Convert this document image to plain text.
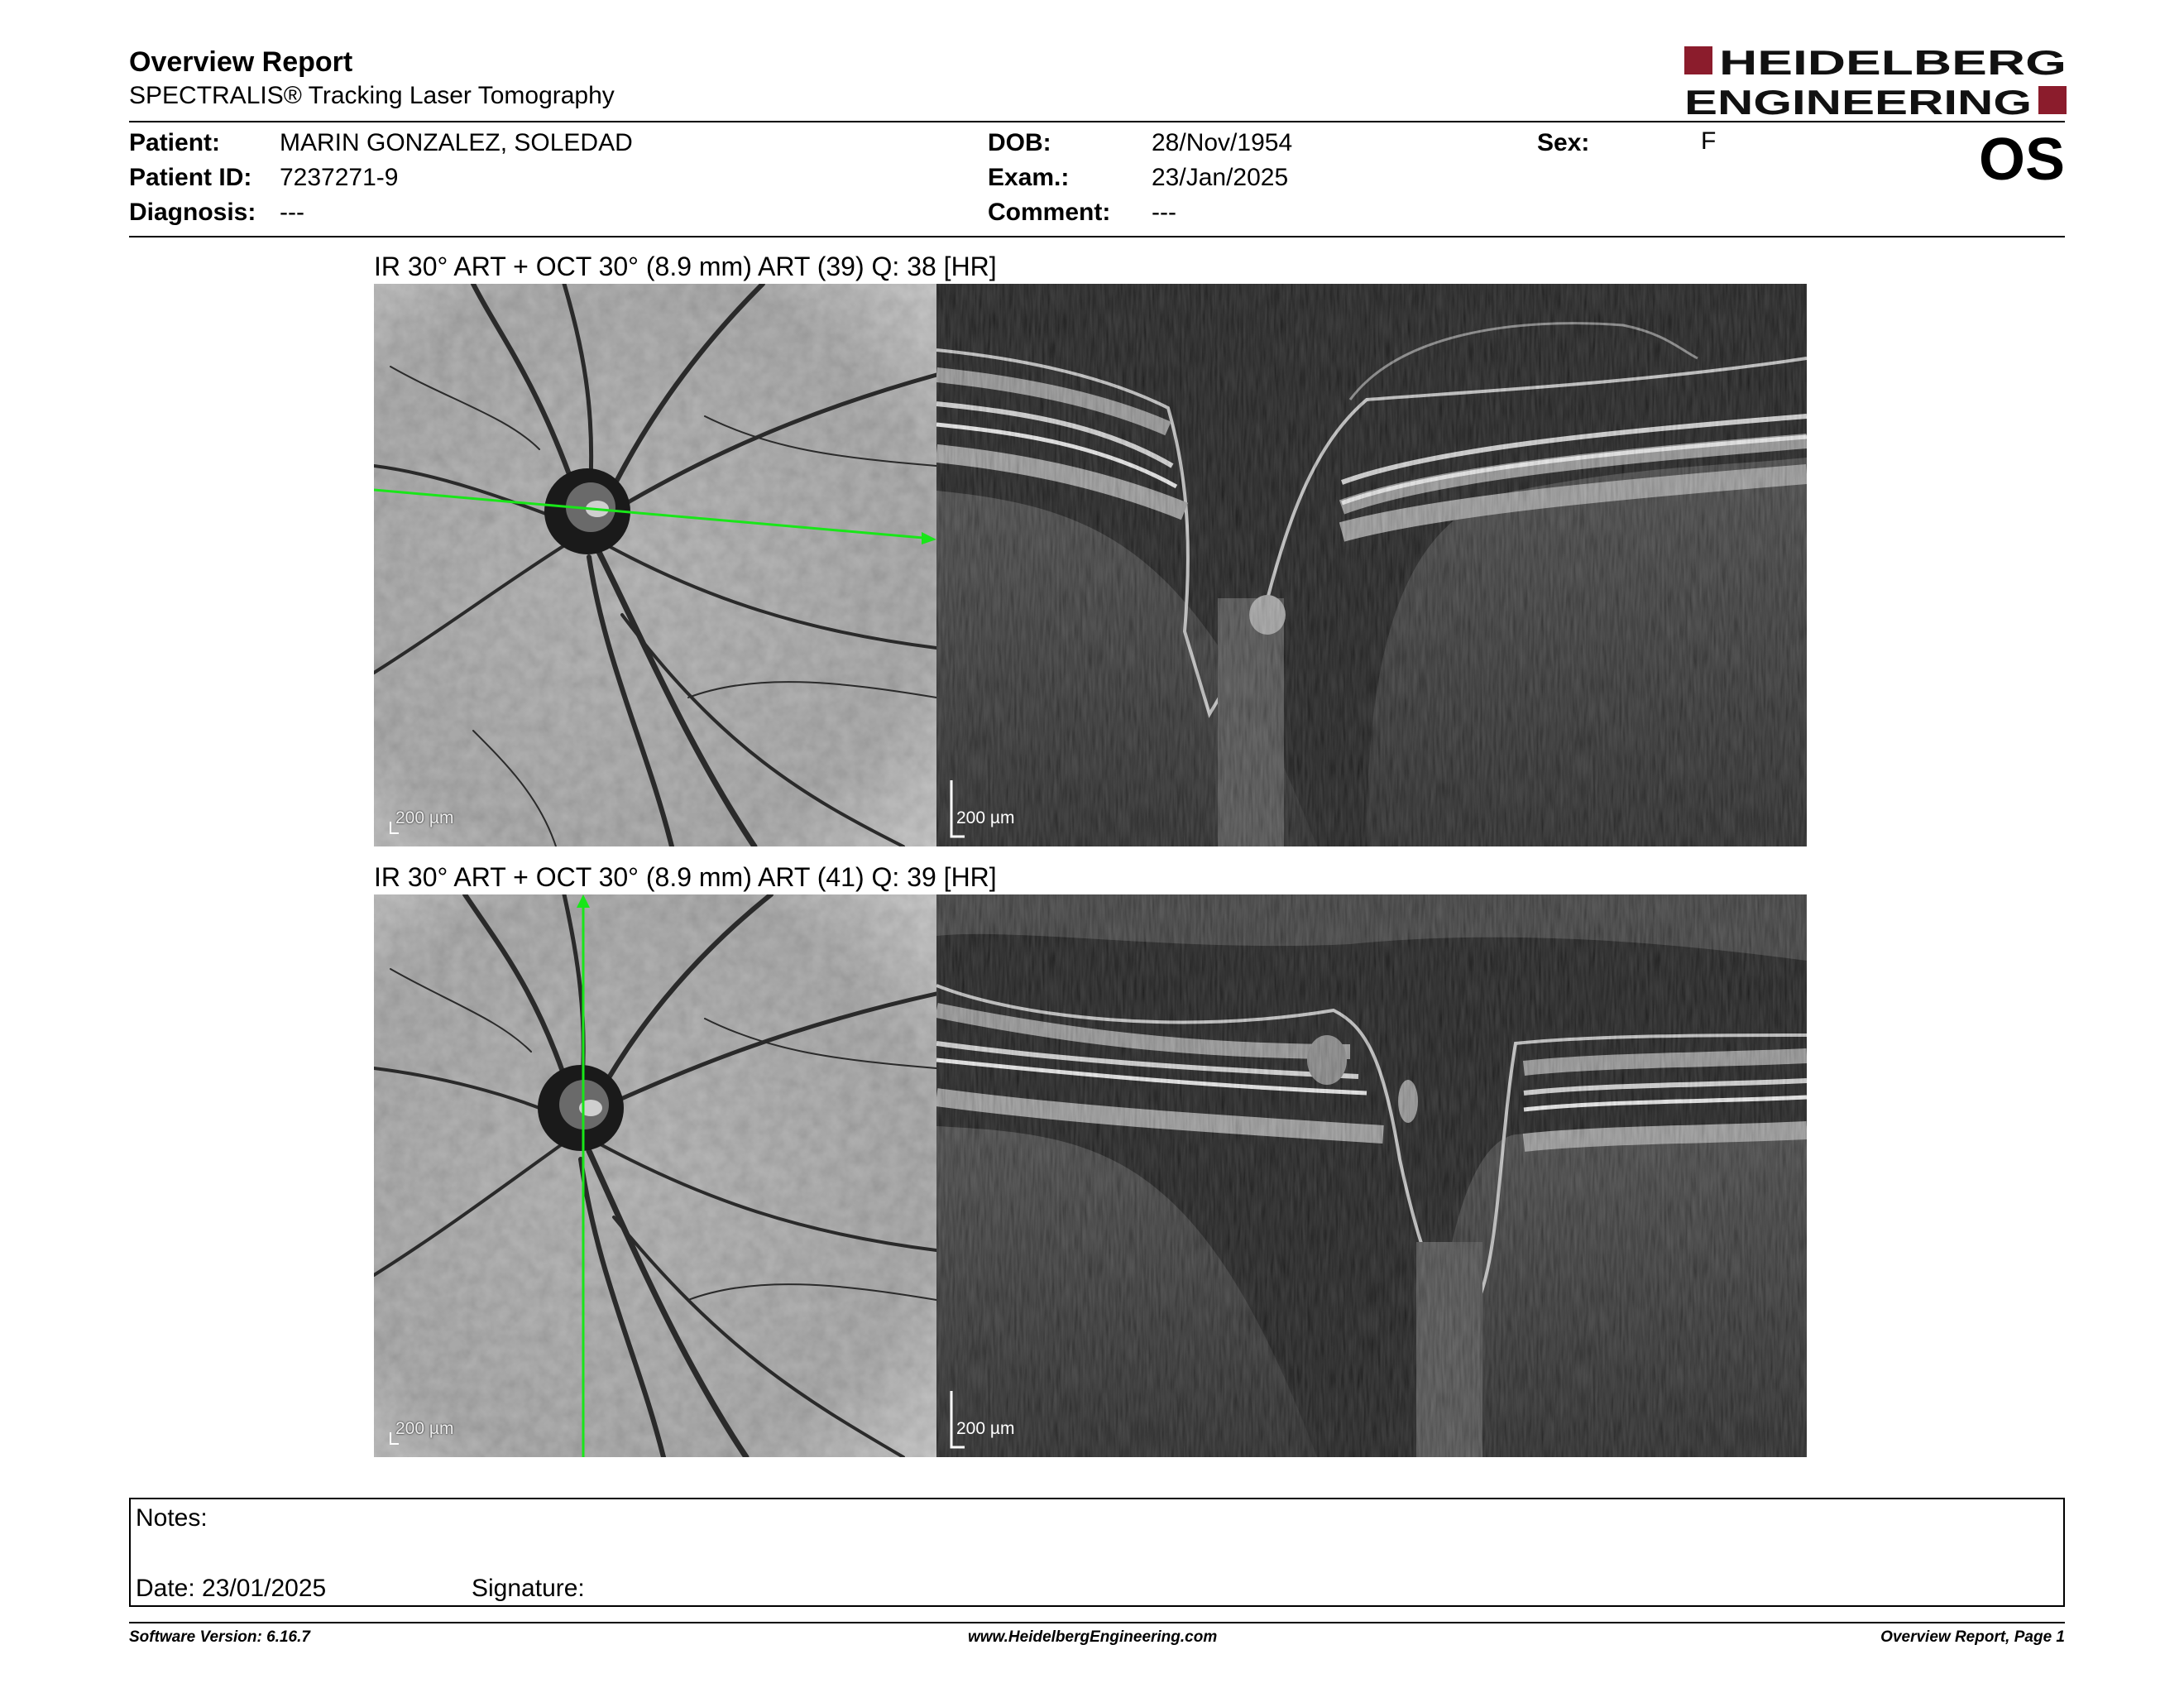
Overview Report
SPECTRALIS® Tracking Laser Tomography
HEIDELBERG
ENGINEERING
Patient: MARIN GONZALEZ, SOLEDAD
Patient ID: 7237271-9
Diagnosis: ---
DOB:	28/Nov/1954
Exam.:	23/Jan/2025
Comment: ---
Sex:	F	OS
IR 30° ART + OCT 30° (8.9 mm) ART (39) Q: 38 [HR]
200 µm	200 µm
IR 30° ART + OCT 30° (8.9 mm) ART (41) Q: 39 [HR]
200 µm	200 µm
Notes:
Date: 23/01/2025	Signature:
Software Version: 6.16.7	www.HeidelbergEngineering.com	Overview Report, Page 1
